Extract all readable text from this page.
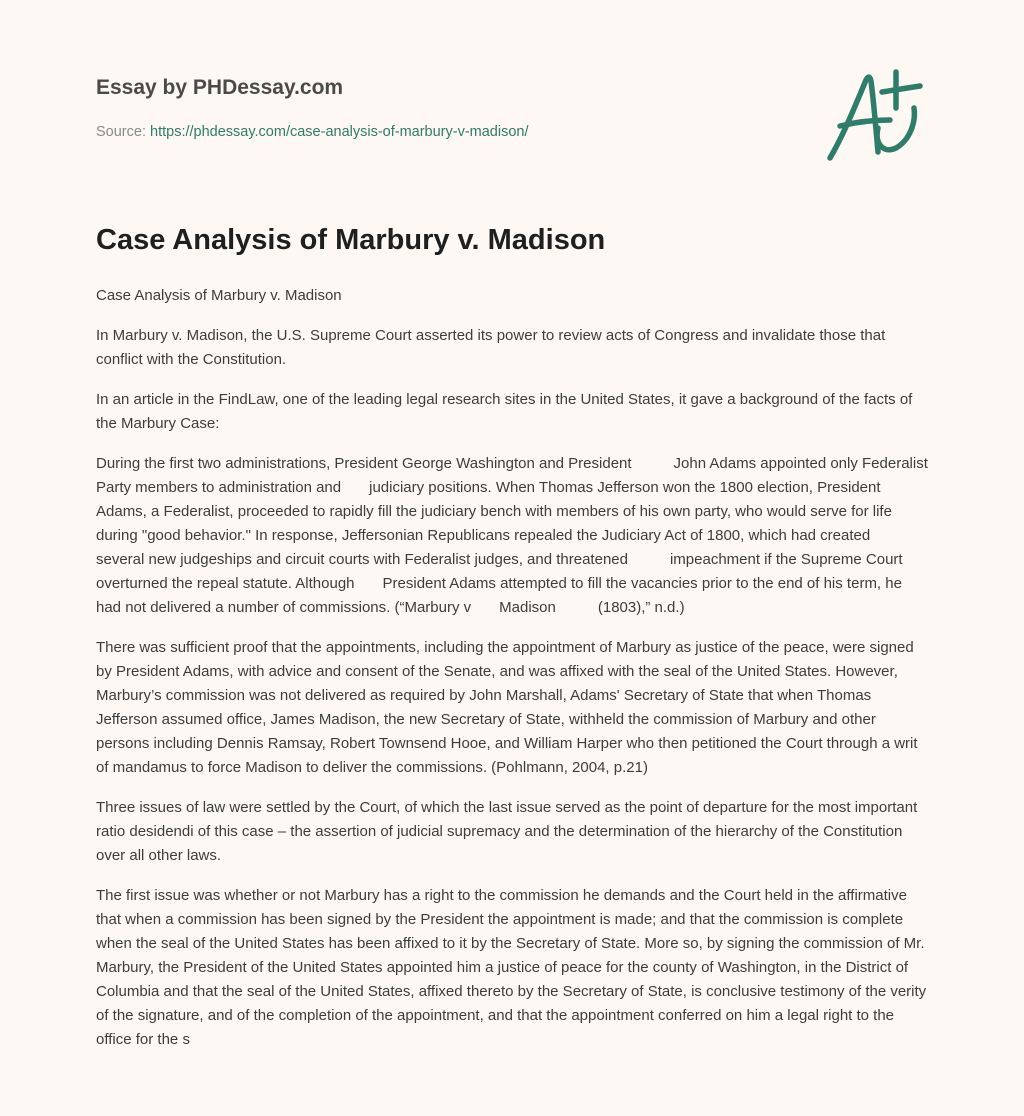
Essay by PHDessay.com
Source: https://phdessay.com/case-analysis-of-marbury-v-madison/
Case Analysis of Marbury v. Madison

Case Analysis of Marbury v. Madison

In Marbury v. Madison, the U.S. Supreme Court asserted its power to review acts of Congress and invalidate those that conflict with the Constitution.

In an article in the FindLaw, one of the leading legal research sites in the United States, it gave a background of the facts of the Marbury Case:

During the first two administrations, President George Washington and President	John Adams appointed only Federalist Party members to administration and judiciary positions. When Thomas Jefferson won the 1800 election, PresidentAdams, a Federalist, proceeded to rapidly fill the judiciary bench with members of his own party, who would serve for life during "good behavior." In response, Jeffersonian Republicans repealed the Judiciary Act of 1800, which had createdseveral new judgeships and circuit courts with Federalist judges, and threatened	impeachment if the Supreme Court overturned the repeal statute. Although President Adams attempted to fill the vacancies prior to the end of his term, hehad not delivered a number of commissions. (“Marbury v Madison	(1803),” n.d.)

There was sufficient proof that the appointments, including the appointment of Marbury as justice of the peace, were signed by President Adams, with advice and consent of the Senate, and was affixed with the seal of the United States. However, Marbury’s commission was not delivered as required by John Marshall, Adams' Secretary of State that when Thomas Jefferson assumed office, James Madison, the new Secretary of State, withheld the commission of Marbury and other persons including Dennis Ramsay, Robert Townsend Hooe, and William Harper who then petitioned the Court through a writ of mandamus to force Madison to deliver the commissions. (Pohlmann, 2004, p.21)

Three issues of law were settled by the Court, of which the last issue served as the point of departure for the most important ratio desidendi of this case – the assertion of judicial supremacy and the determination of the hierarchy of the Constitution over all other laws.

The first issue was whether or not Marbury has a right to the commission he demands and the Court held in the affirmative that when a commission has been signed by the President the appointment is made; and that the commission is complete when the seal of the United States has been affixed to it by the Secretary of State. More so, by signing the commission of Mr. Marbury, the President of the United States appointed him a justice of peace for the county of Washington, in the District of Columbia and that the seal of the United States, affixed thereto by the Secretary of State, is conclusive testimony of the verity of the signature, and of the completion of the appointment, and that the appointment conferred on him a legal right to the office for the s
